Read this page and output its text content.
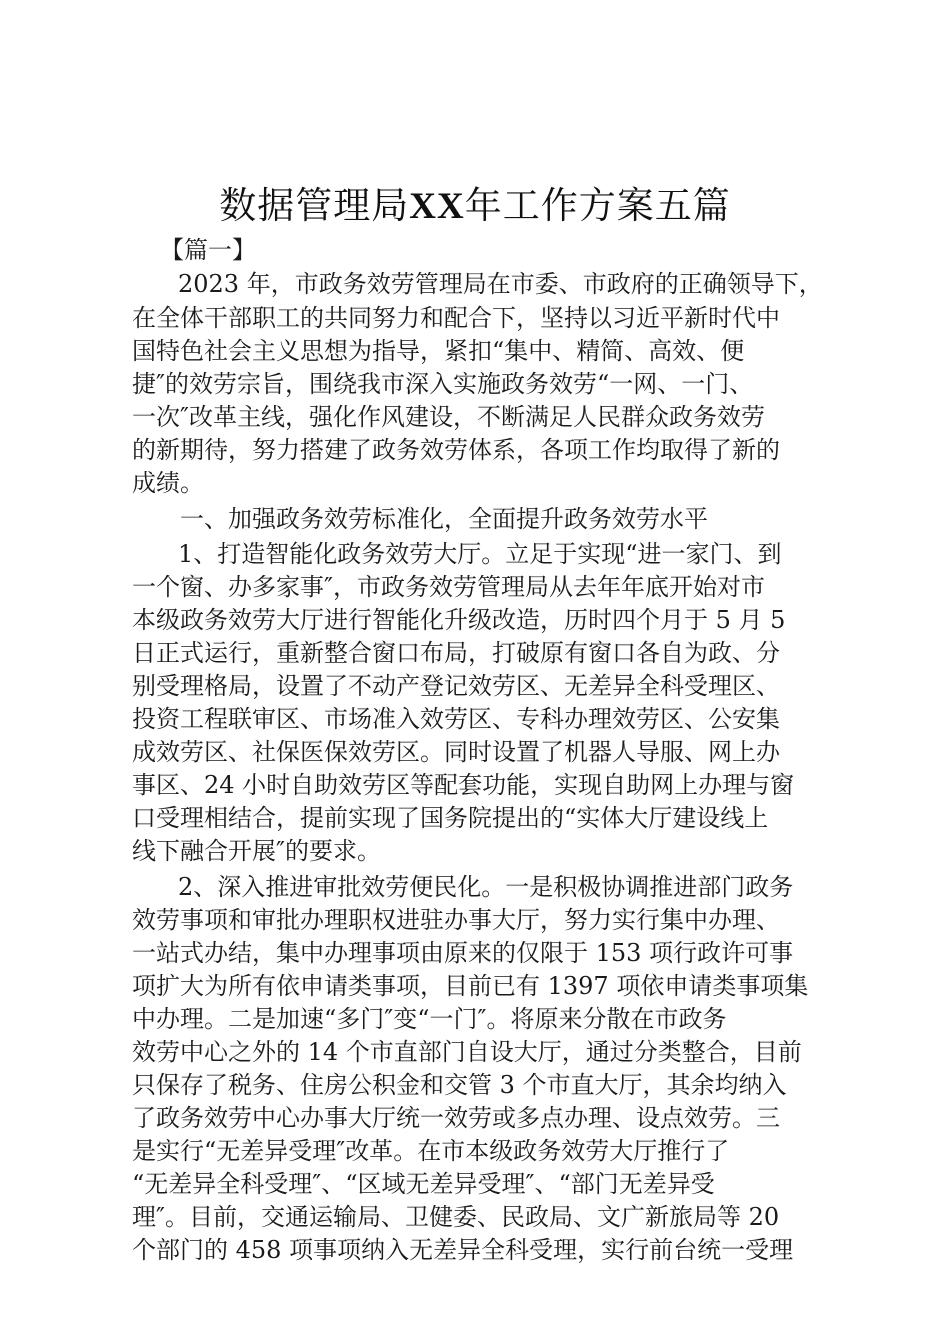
数据管理局XX年工作方案五篇
【篇一】
2023 年，市政务效劳管理局在市委、市政府的正确领导下，
在全体干部职工的共同努力和配合下，坚持以习近平新时代中
国特色社会主义思想为指导，紧扣“集中、精简、高效、便
捷″的效劳宗旨，围绕我市深入实施政务效劳“一网、一门、
一次″改革主线，强化作风建设，不断满足人民群众政务效劳
的新期待，努力搭建了政务效劳体系，各项工作均取得了新的
成绩。
一、加强政务效劳标准化，全面提升政务效劳水平
1、打造智能化政务效劳大厅。立足于实现“进一家门、到
一个窗、办多家事″，市政务效劳管理局从去年年底开始对市
本级政务效劳大厅进行智能化升级改造，历时四个月于 5 月 5
日正式运行，重新整合窗口布局，打破原有窗口各自为政、分
别受理格局，设置了不动产登记效劳区、无差异全科受理区、
投资工程联审区、市场准入效劳区、专科办理效劳区、公安集
成效劳区、社保医保效劳区。同时设置了机器人导服、网上办
事区、24 小时自助效劳区等配套功能，实现自助网上办理与窗
口受理相结合，提前实现了国务院提出的“实体大厅建设线上
线下融合开展″的要求。
2、深入推进审批效劳便民化。一是积极协调推进部门政务
效劳事项和审批办理职权进驻办事大厅，努力实行集中办理、
一站式办结，集中办理事项由原来的仅限于 153 项行政许可事
项扩大为所有依申请类事项，目前已有 1397 项依申请类事项集
中办理。二是加速“多门″变“一门″。将原来分散在市政务
效劳中心之外的 14 个市直部门自设大厅，通过分类整合，目前
只保存了税务、住房公积金和交管 3 个市直大厅，其余均纳入
了政务效劳中心办事大厅统一效劳或多点办理、设点效劳。三
是实行“无差异受理″改革。在市本级政务效劳大厅推行了
“无差异全科受理″、“区域无差异受理″、“部门无差异受
理″。目前，交通运输局、卫健委、民政局、文广新旅局等 20
个部门的 458 项事项纳入无差异全科受理，实行前台统一受理
